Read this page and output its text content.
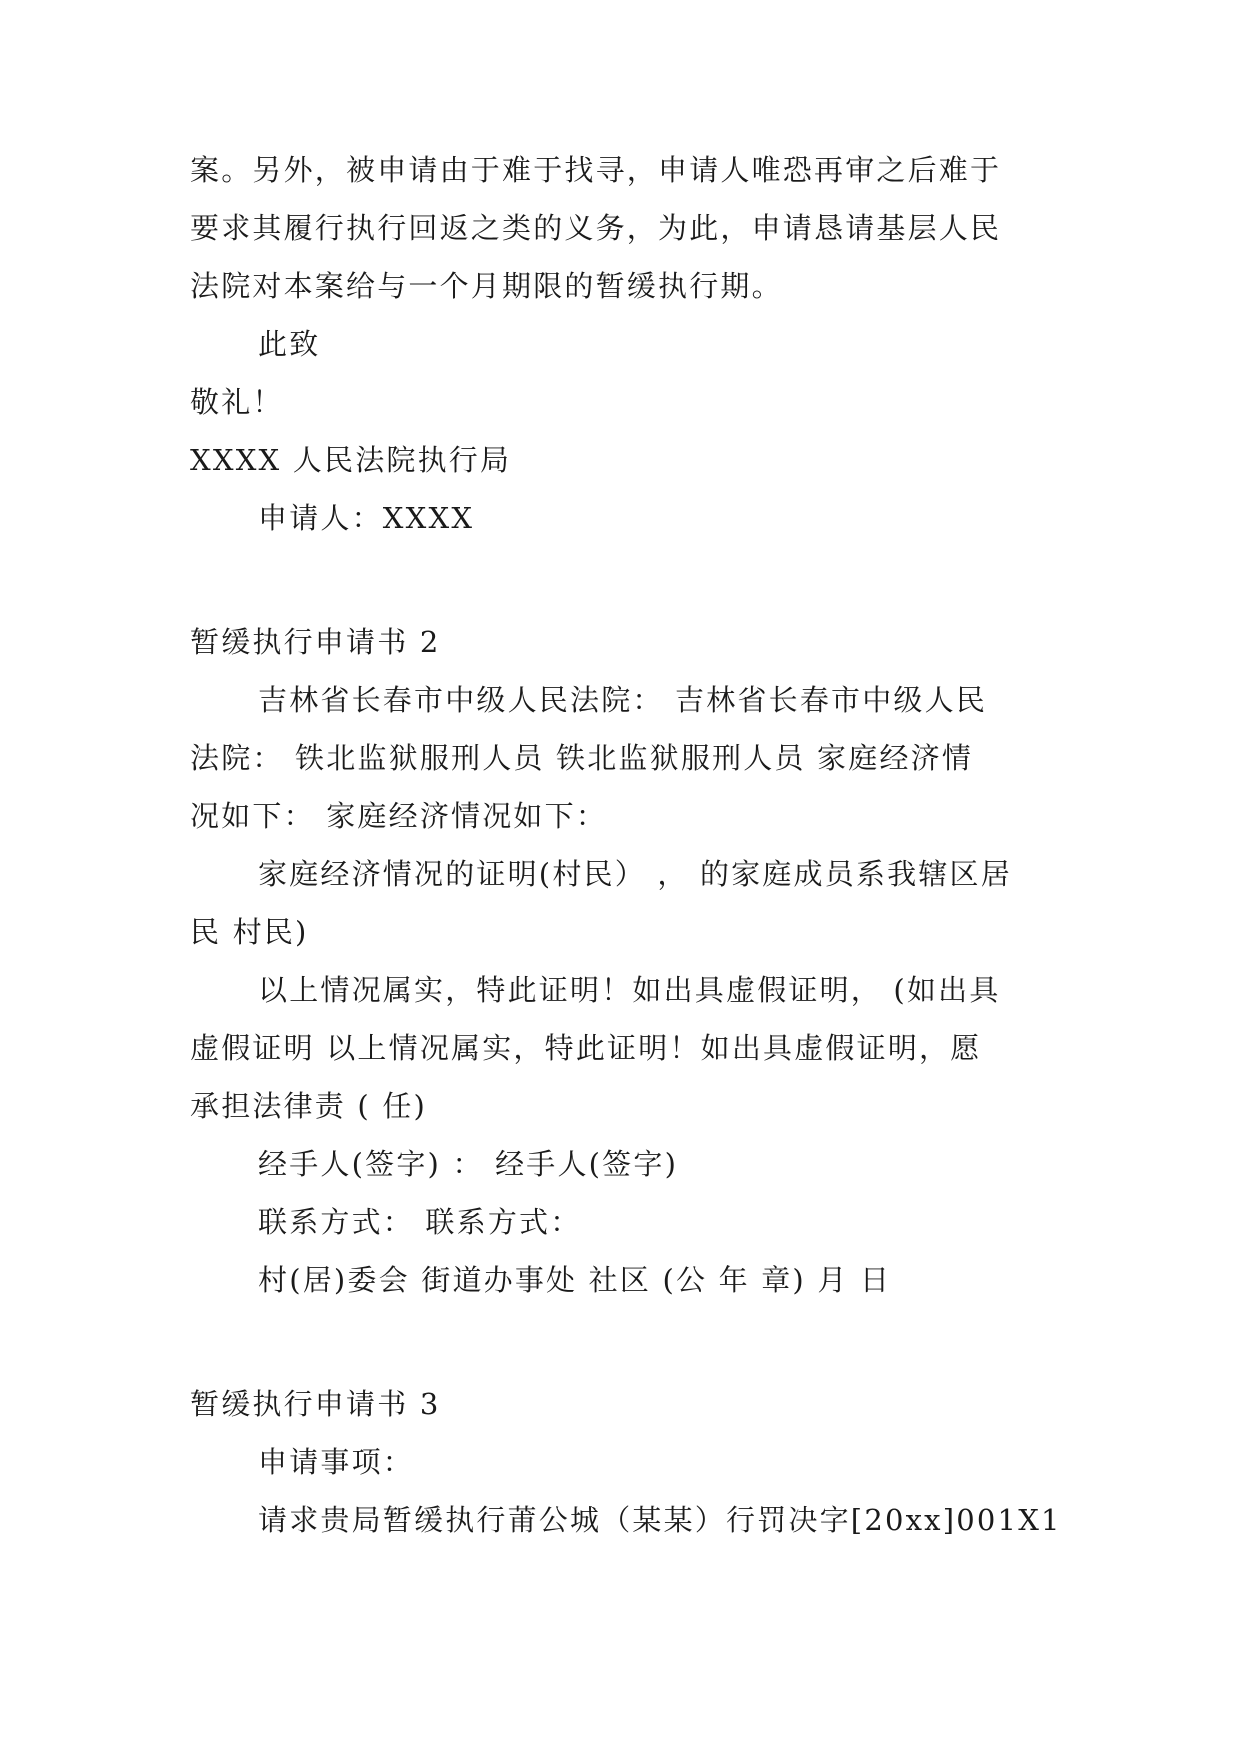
案。另外，被申请由于难于找寻，申请人唯恐再审之后难于

要求其履行执行回返之类的义务，为此，申请恳请基层人民

法院对本案给与一个月期限的暂缓执行期。

此致

敬礼！

XXXX 人民法院执行局

申请人：XXXX

暂缓执行申请书 2

吉林省长春市中级人民法院： 吉林省长春市中级人民

法院： 铁北监狱服刑人员 铁北监狱服刑人员 家庭经济情

况如下： 家庭经济情况如下：

家庭经济情况的证明(村民） ， 的家庭成员系我辖区居

民 村民)

以上情况属实，特此证明！如出具虚假证明， (如出具

虚假证明 以上情况属实，特此证明！如出具虚假证明，愿

承担法律责 ( 任)

经手人(签字) ： 经手人(签字)

联系方式： 联系方式：

村(居)委会 街道办事处 社区 (公 年 章) 月 日

暂缓执行申请书 3

申请事项：

请求贵局暂缓执行莆公城（某某）行罚决字[20xx]001X1
